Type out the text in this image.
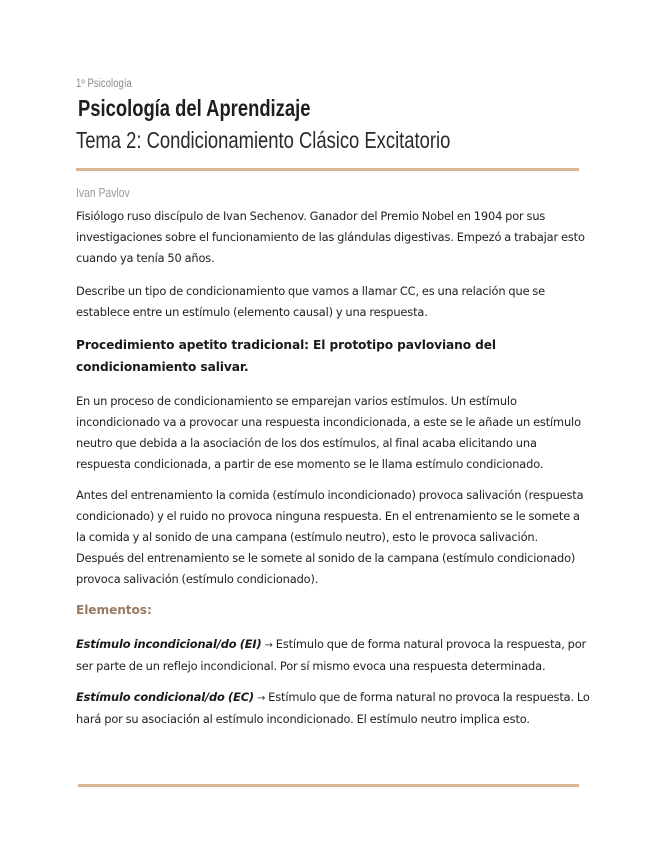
1º Psicología
Psicología del Aprendizaje
Tema 2: Condicionamiento Clásico Excitatorio
Ivan Pavlov
Fisiólogo ruso discípulo de Ivan Sechenov. Ganador del Premio Nobel en 1904 por sus
investigaciones sobre el funcionamiento de las glándulas digestivas. Empezó a trabajar esto
cuando ya tenía 50 años.
Describe un tipo de condicionamiento que vamos a llamar CC, es una relación que se
establece entre un estímulo (elemento causal) y una respuesta.
Procedimiento apetito tradicional: El prototipo pavloviano del
condicionamiento salivar.
En un proceso de condicionamiento se emparejan varios estímulos. Un estímulo
incondicionado va a provocar una respuesta incondicionada, a este se le añade un estímulo
neutro que debida a la asociación de los dos estímulos, al final acaba elicitando una
respuesta condicionada, a partir de ese momento se le llama estímulo condicionado.
Antes del entrenamiento la comida (estímulo incondicionado) provoca salivación (respuesta
condicionado) y el ruido no provoca ninguna respuesta. En el entrenamiento se le somete a
la comida y al sonido de una campana (estímulo neutro), esto le provoca salivación.
Después del entrenamiento se le somete al sonido de la campana (estímulo condicionado)
provoca salivación (estímulo condicionado).
Elementos:
Estímulo incondicional/do (EI) → Estímulo que de forma natural provoca la respuesta, por
ser parte de un reflejo incondicional. Por sí mismo evoca una respuesta determinada.
Estímulo condicional/do (EC) → Estímulo que de forma natural no provoca la respuesta. Lo
hará por su asociación al estímulo incondicionado. El estímulo neutro implica esto.
